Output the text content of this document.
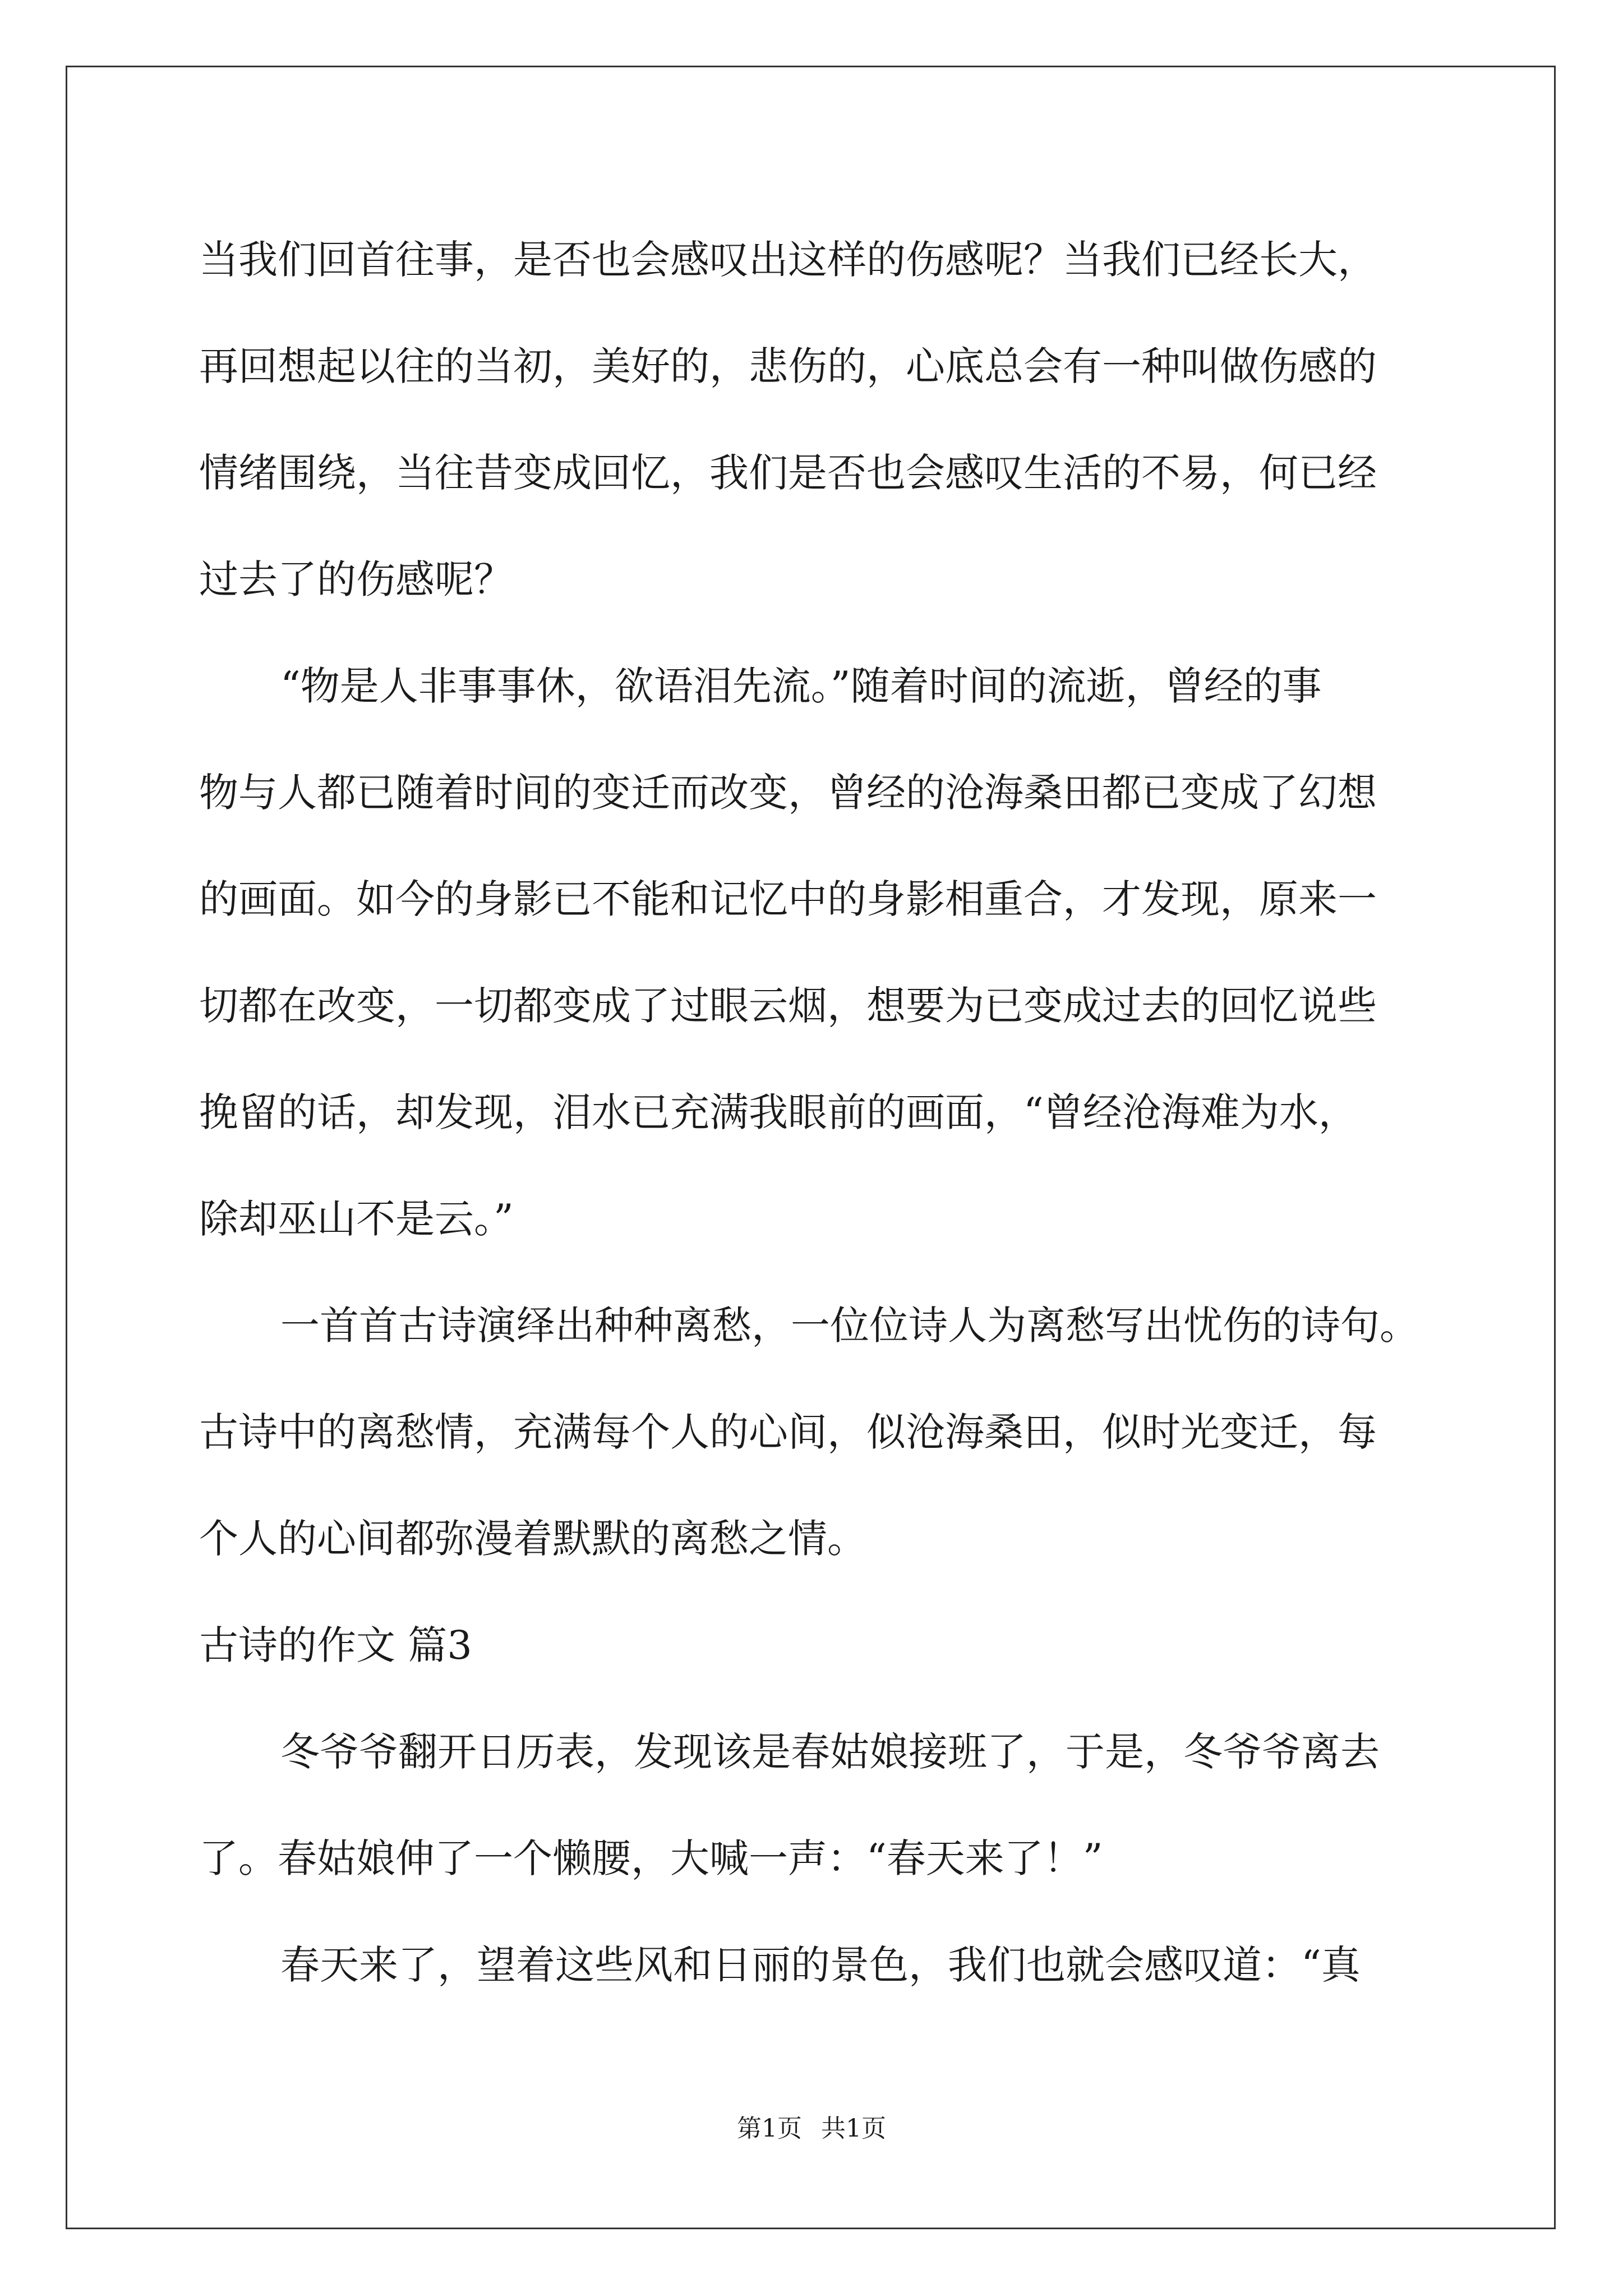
当我们回首往事，是否也会感叹出这样的伤感呢？当我们已经长大，
再回想起以往的当初，美好的，悲伤的，心底总会有一种叫做伤感的
情绪围绕，当往昔变成回忆，我们是否也会感叹生活的不易，何已经
过去了的伤感呢？
“物是人非事事休，欲语泪先流。”随着时间的流逝，曾经的事
物与人都已随着时间的变迁而改变，曾经的沧海桑田都已变成了幻想
的画面。如今的身影已不能和记忆中的身影相重合，才发现，原来一
切都在改变，一切都变成了过眼云烟，想要为已变成过去的回忆说些
挽留的话，却发现，泪水已充满我眼前的画面，“曾经沧海难为水，
除却巫山不是云。”
一首首古诗演绎出种种离愁，一位位诗人为离愁写出忧伤的诗句。
古诗中的离愁情，充满每个人的心间，似沧海桑田，似时光变迁，每
个人的心间都弥漫着默默的离愁之情。
古诗的作文 篇3
冬爷爷翻开日历表，发现该是春姑娘接班了，于是，冬爷爷离去
了。春姑娘伸了一个懒腰，大喊一声：“春天来了！”
春天来了，望着这些风和日丽的景色，我们也就会感叹道：“真
第1页 共1页
